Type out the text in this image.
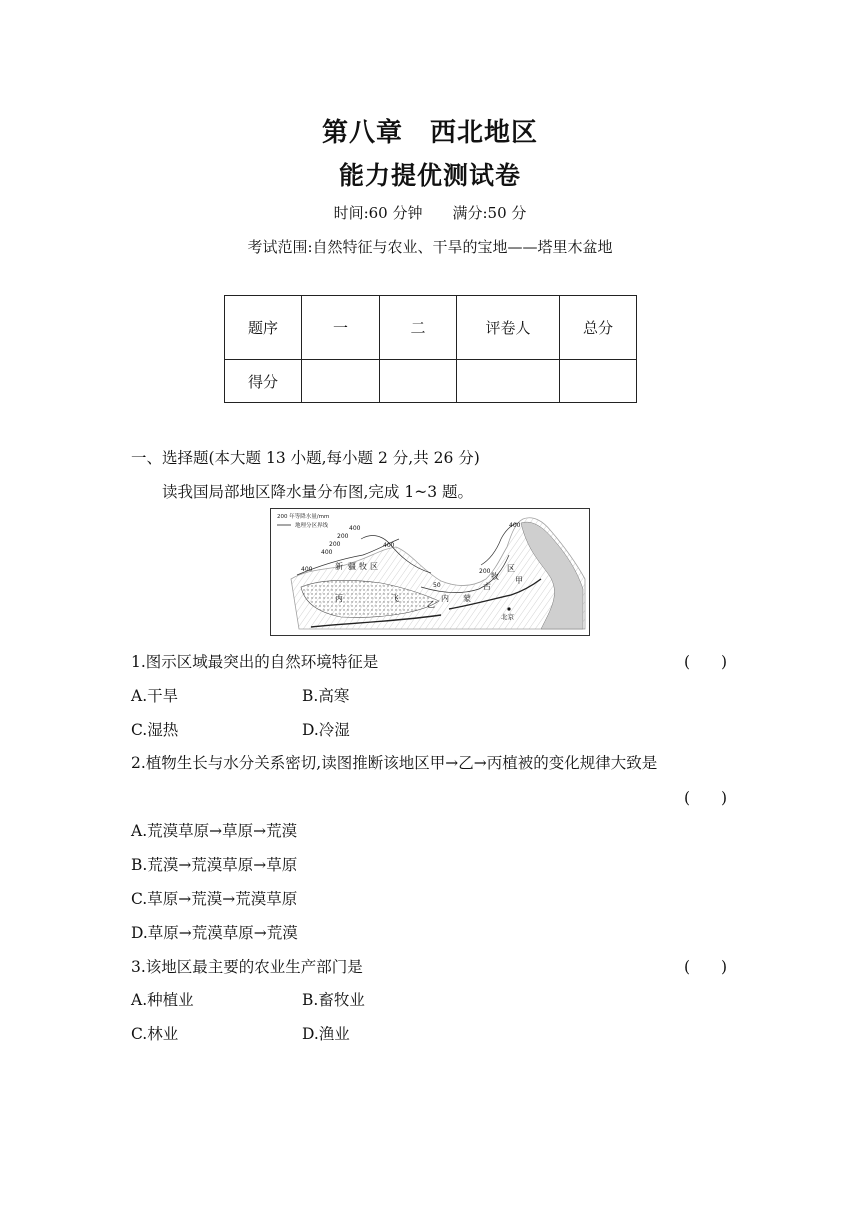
第八章　西北地区
能力提优测试卷
时间:60 分钟 满分:50 分
考试范围:自然特征与农业、干旱的宝地——塔里木盆地
题序	一	二	评卷人	总分
得分				
一、选择题(本大题 13 小题,每小题 2 分,共 26 分)
读我国局部地区降水量分布图,完成 1~3 题。
200 年等降水量/mm
地理分区界线	400
200
200
400
400
400
400
50
200
新 疆 牧 区
丙	飞
乙
内 蒙
古
牧
区
甲
北京
1.图示区域最突出的自然环境特征是	(　　)
A.干旱	B.高寒
C.湿热	D.冷湿
2.植物生长与水分关系密切,读图推断该地区甲→乙→丙植被的变化规律大致是
(　　)
A.荒漠草原→草原→荒漠
B.荒漠→荒漠草原→草原
C.草原→荒漠→荒漠草原
D.草原→荒漠草原→荒漠
3.该地区最主要的农业生产部门是	(　　)
A.种植业	B.畜牧业
C.林业	D.渔业
